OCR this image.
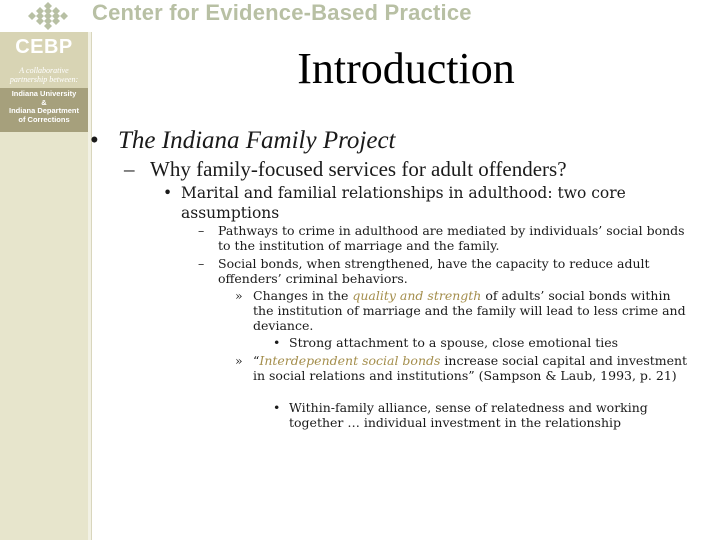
Center for Evidence-Based Practice
CEBP
A collaborative
partnership between:
Indiana University
&
Indiana Department
of Corrections
Introduction
• The Indiana Family Project
– Why family-focused services for adult offenders?
• Marital and familial relationships in adulthood: two core assumptions
– Pathways to crime in adulthood are mediated by individuals’ social bonds to the institution of marriage and the family.
– Social bonds, when strengthened, have the capacity to reduce adult offenders’ criminal behaviors.
» Changes in the quality and strength of adults’ social bonds within the institution of marriage and the family will lead to less crime and deviance.
• Strong attachment to a spouse, close emotional ties
» “Interdependent social bonds increase social capital and investment in social relations and institutions” (Sampson & Laub, 1993, p. 21)
• Within-family alliance, sense of relatedness and working together … individual investment in the relationship
